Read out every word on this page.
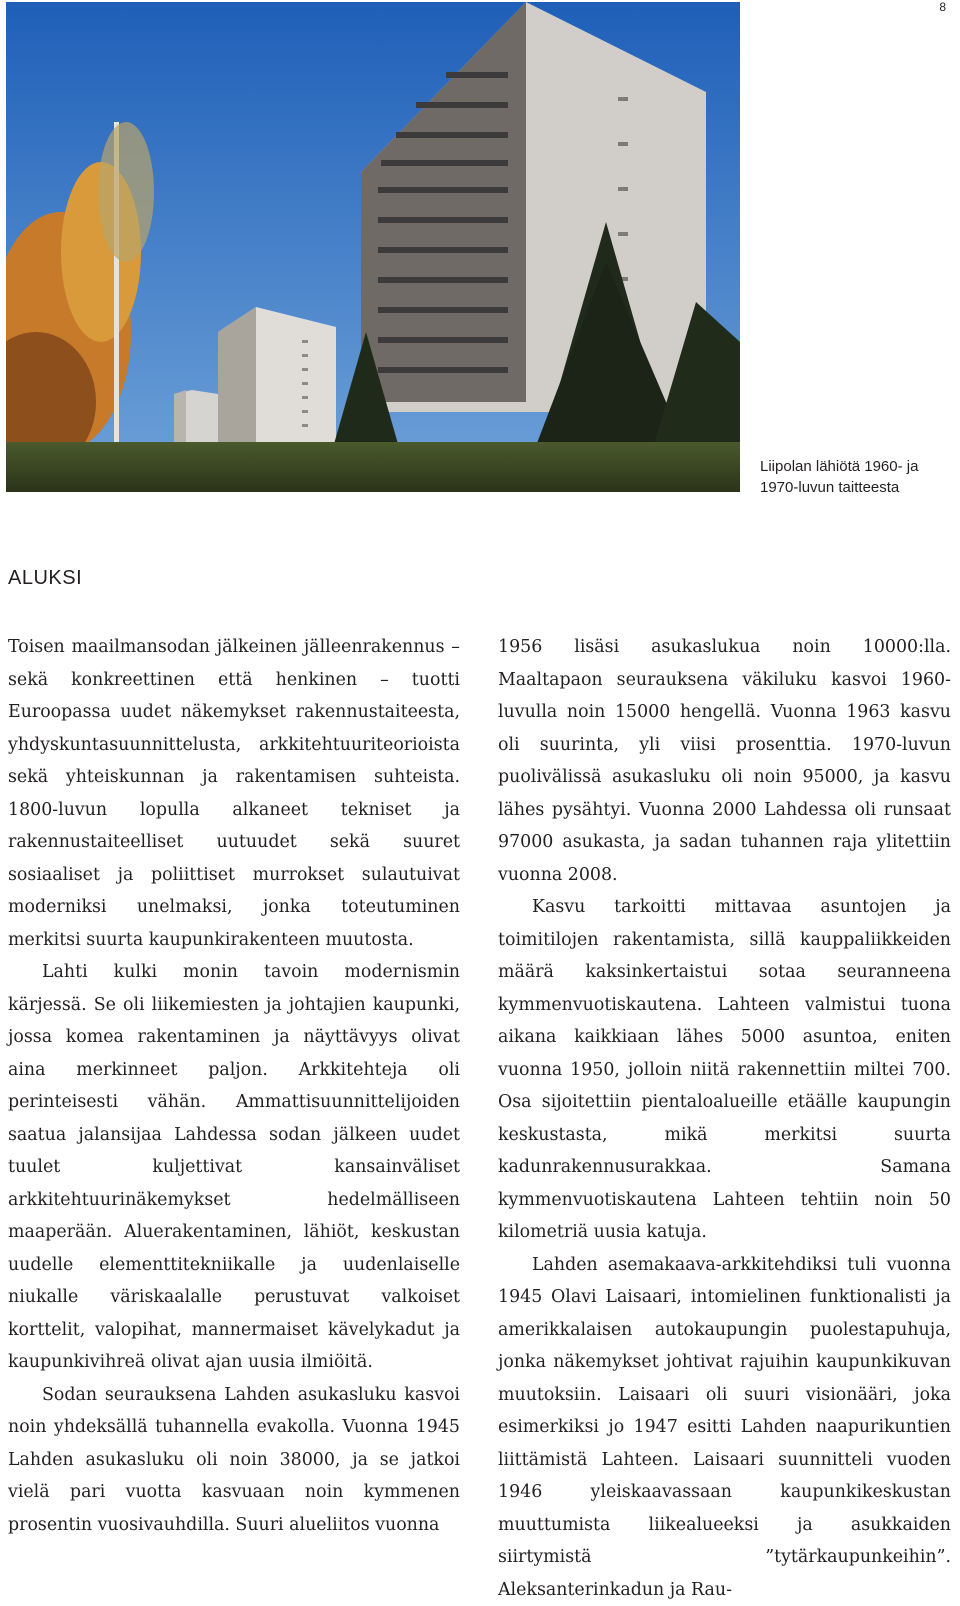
8
Liipolan lähiötä 1960- ja
1970-luvun taitteesta
ALUKSI

Toisen maailmansodan jälkeinen jälleenrakennus – sekä konkreettinen että henkinen – tuotti Euroopassa uudet näkemykset rakennustaiteesta, yhdyskuntasuunnittelusta, arkkitehtuuriteorioista sekä yhteiskunnan ja rakentamisen suhteista. 1800-luvun lopulla alkaneet tekniset ja rakennustaiteelliset uutuudet sekä suuret sosiaaliset ja poliittiset murrokset sulautuivat moderniksi unelmaksi, jonka toteutuminen merkitsi suurta kaupunkirakenteen muutosta.

Lahti kulki monin tavoin modernismin kärjessä. Se oli liikemiesten ja johtajien kaupunki, jossa komea rakentaminen ja näyttävyys olivat aina merkinneet paljon. Arkkitehteja oli perinteisesti vähän. Ammattisuunnittelijoiden saatua jalansijaa Lahdessa sodan jälkeen uudet tuulet kuljettivat kansainväliset arkkitehtuurinäkemykset hedelmälliseen maaperään. Aluerakentaminen, lähiöt, keskustan uudelle elementtitekniikalle ja uudenlaiselle niukalle väriskaalalle perustuvat valkoiset korttelit, valopihat, mannermaiset kävelykadut ja kaupunkivihreä olivat ajan uusia ilmiöitä.

Sodan seurauksena Lahden asukasluku kasvoi noin yhdeksällä tuhannella evakolla. Vuonna 1945 Lahden asukasluku oli noin 38000, ja se jatkoi vielä pari vuotta kasvuaan noin kymmenen prosentin vuosivauhdilla. Suuri alueliitos vuonna

1956 lisäsi asukaslukua noin 10000:lla. Maaltapaon seurauksena väkiluku kasvoi 1960-luvulla noin 15000 hengellä. Vuonna 1963 kasvu oli suurinta, yli viisi prosenttia. 1970-luvun puolivälissä asukasluku oli noin 95000, ja kasvu lähes pysähtyi. Vuonna 2000 Lahdessa oli runsaat 97000 asukasta, ja sadan tuhannen raja ylitettiin vuonna 2008.

Kasvu tarkoitti mittavaa asuntojen ja toimitilojen rakentamista, sillä kauppaliikkeiden määrä kaksinkertaistui sotaa seuranneena kymmenvuotiskautena. Lahteen valmistui tuona aikana kaikkiaan lähes 5000 asuntoa, eniten vuonna 1950, jolloin niitä rakennettiin miltei 700. Osa sijoitettiin pientaloalueille etäälle kaupungin keskustasta, mikä merkitsi suurta kadunrakennusurakkaa. Samana kymmenvuotiskautena Lahteen tehtiin noin 50 kilometriä uusia katuja.

Lahden asemakaava-arkkitehdiksi tuli vuonna 1945 Olavi Laisaari, intomielinen funktionalisti ja amerikkalaisen autokaupungin puolestapuhuja, jonka näkemykset johtivat rajuihin kaupunkikuvan muutoksiin. Laisaari oli suuri visionääri, joka esimerkiksi jo 1947 esitti Lahden naapurikuntien liittämistä Lahteen. Laisaari suunnitteli vuoden 1946 yleiskaavassaan kaupunkikeskustan muuttumista liikealueeksi ja asukkaiden siirtymistä ”tytärkaupunkeihin”. Aleksanterinkadun ja Rau-
